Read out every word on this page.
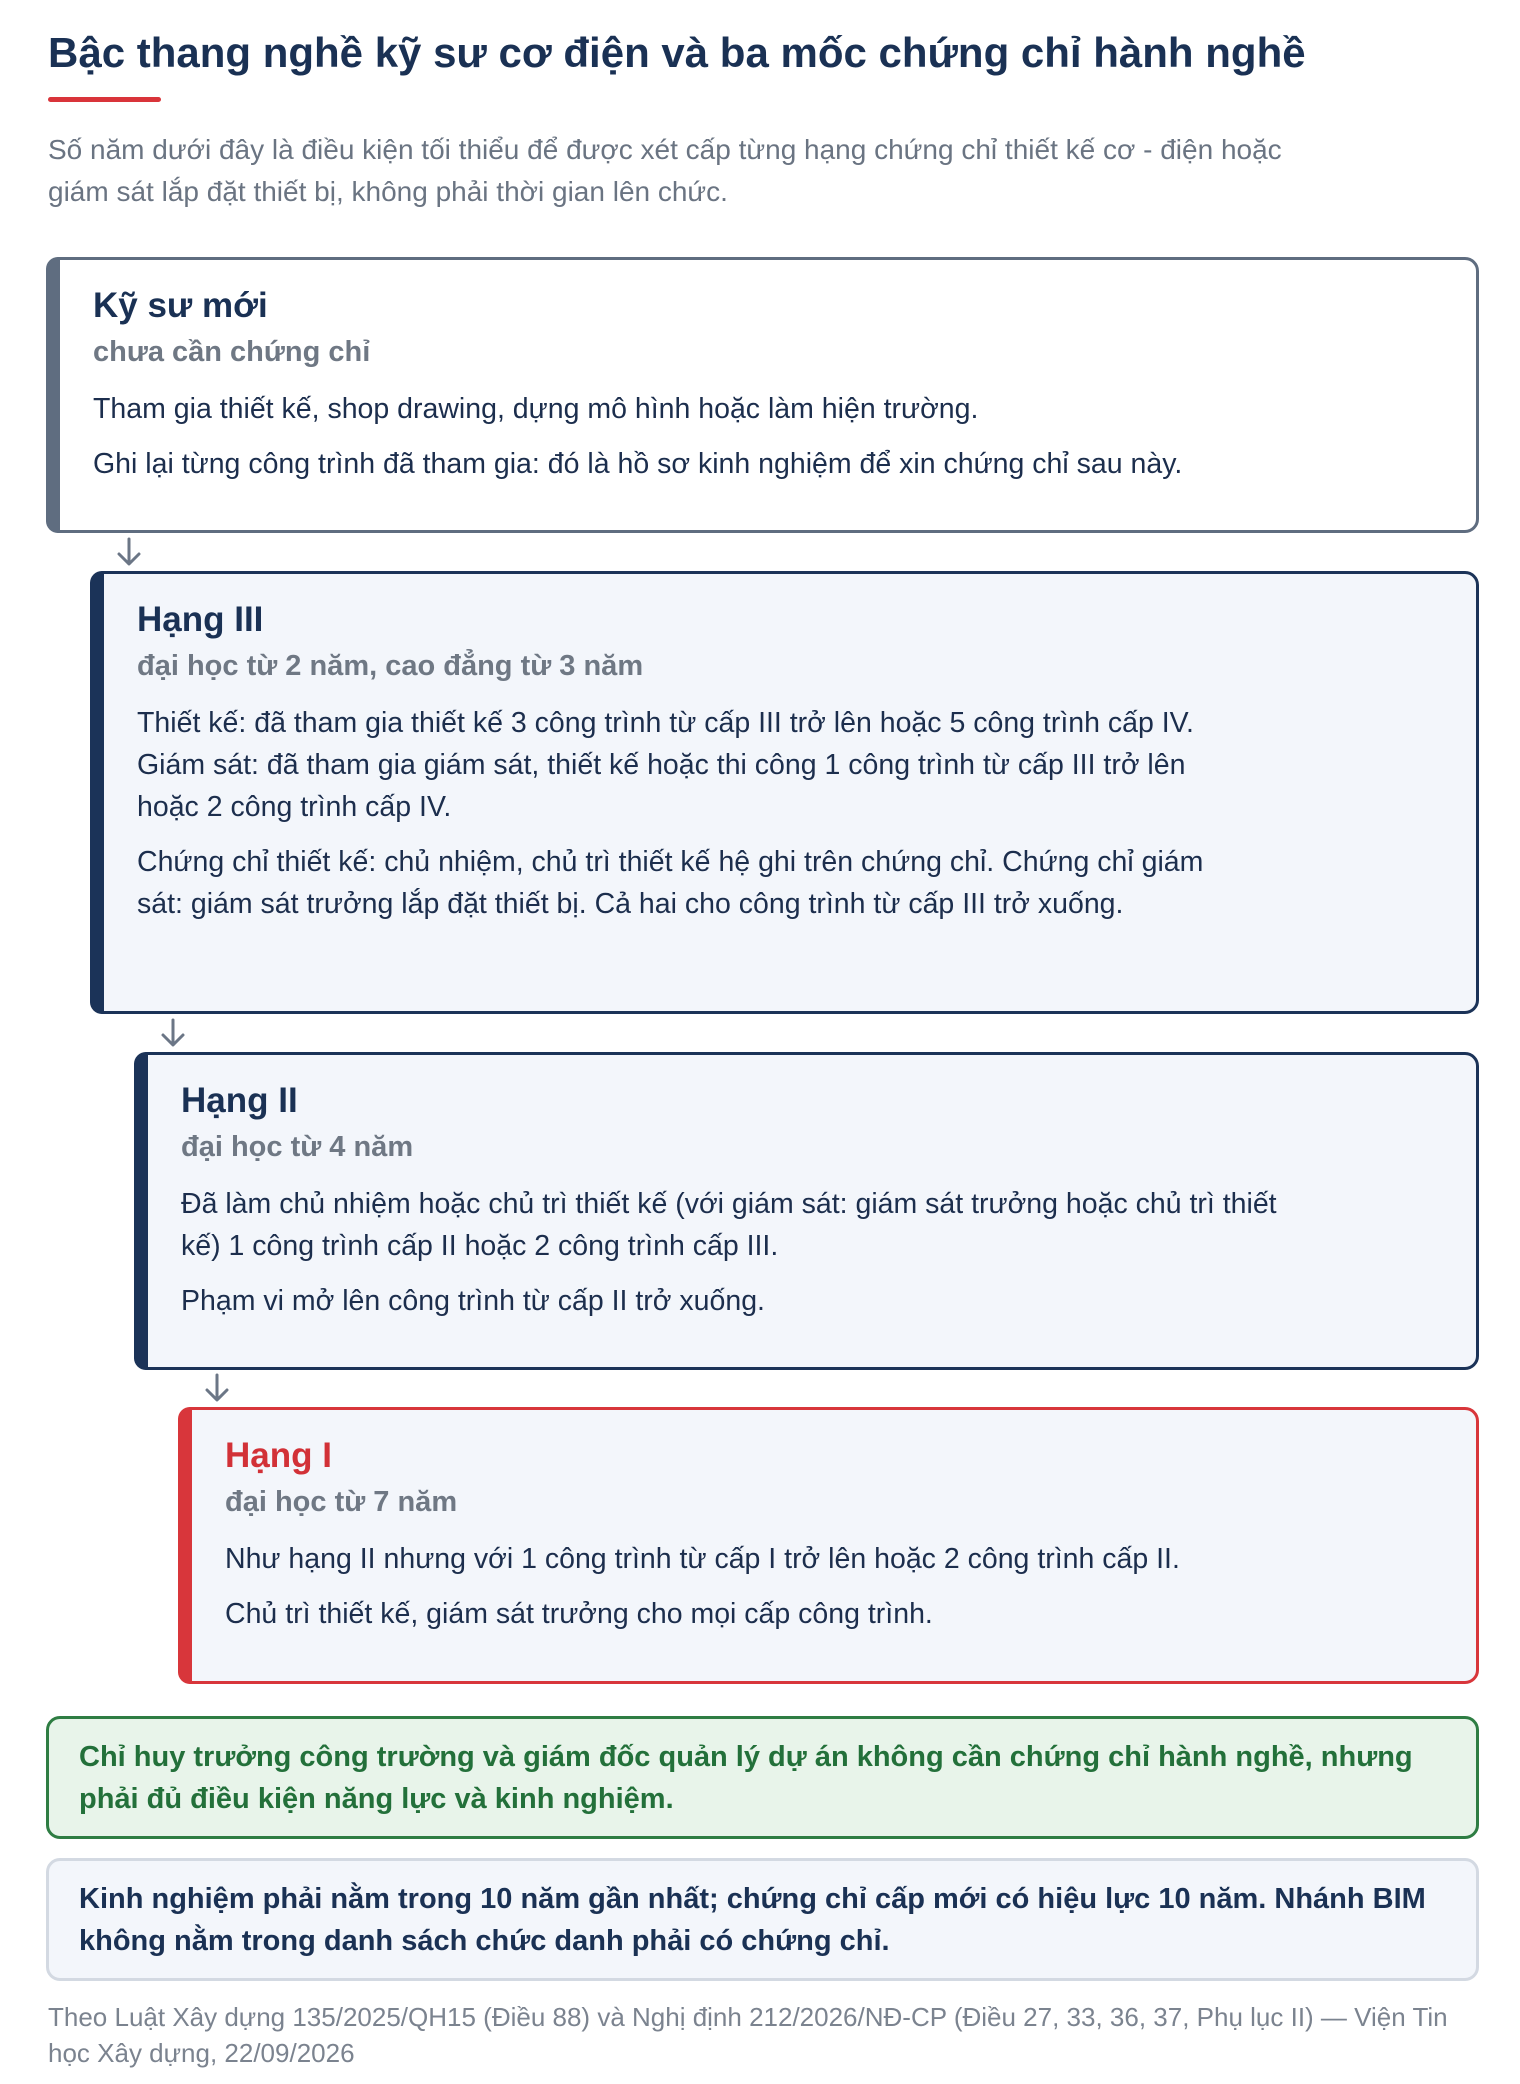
Bậc thang nghề kỹ sư cơ điện và ba mốc chứng chỉ hành nghề

Số năm dưới đây là điều kiện tối thiểu để được xét cấp từng hạng chứng chỉ thiết kế cơ - điện hoặc giám sát lắp đặt thiết bị, không phải thời gian lên chức.

Kỹ sư mới
chưa cần chứng chỉ

Tham gia thiết kế, shop drawing, dựng mô hình hoặc làm hiện trường.

Ghi lại từng công trình đã tham gia: đó là hồ sơ kinh nghiệm để xin chứng chỉ sau này.

Hạng III
đại học từ 2 năm, cao đẳng từ 3 năm

Thiết kế: đã tham gia thiết kế 3 công trình từ cấp III trở lên hoặc 5 công trình cấp IV. Giám sát: đã tham gia giám sát, thiết kế hoặc thi công 1 công trình từ cấp III trở lên hoặc 2 công trình cấp IV.

Chứng chỉ thiết kế: chủ nhiệm, chủ trì thiết kế hệ ghi trên chứng chỉ. Chứng chỉ giám sát: giám sát trưởng lắp đặt thiết bị. Cả hai cho công trình từ cấp III trở xuống.

Hạng II
đại học từ 4 năm

Đã làm chủ nhiệm hoặc chủ trì thiết kế (với giám sát: giám sát trưởng hoặc chủ trì thiết kế) 1 công trình cấp II hoặc 2 công trình cấp III.

Phạm vi mở lên công trình từ cấp II trở xuống.

Hạng I
đại học từ 7 năm

Như hạng II nhưng với 1 công trình từ cấp I trở lên hoặc 2 công trình cấp II.

Chủ trì thiết kế, giám sát trưởng cho mọi cấp công trình.

Chỉ huy trưởng công trường và giám đốc quản lý dự án không cần chứng chỉ hành nghề, nhưng phải đủ điều kiện năng lực và kinh nghiệm.

Kinh nghiệm phải nằm trong 10 năm gần nhất; chứng chỉ cấp mới có hiệu lực 10 năm. Nhánh BIM không nằm trong danh sách chức danh phải có chứng chỉ.

Theo Luật Xây dựng 135/2025/QH15 (Điều 88) và Nghị định 212/2026/NĐ-CP (Điều 27, 33, 36, 37, Phụ lục II) — Viện Tin học Xây dựng, 22/09/2026
